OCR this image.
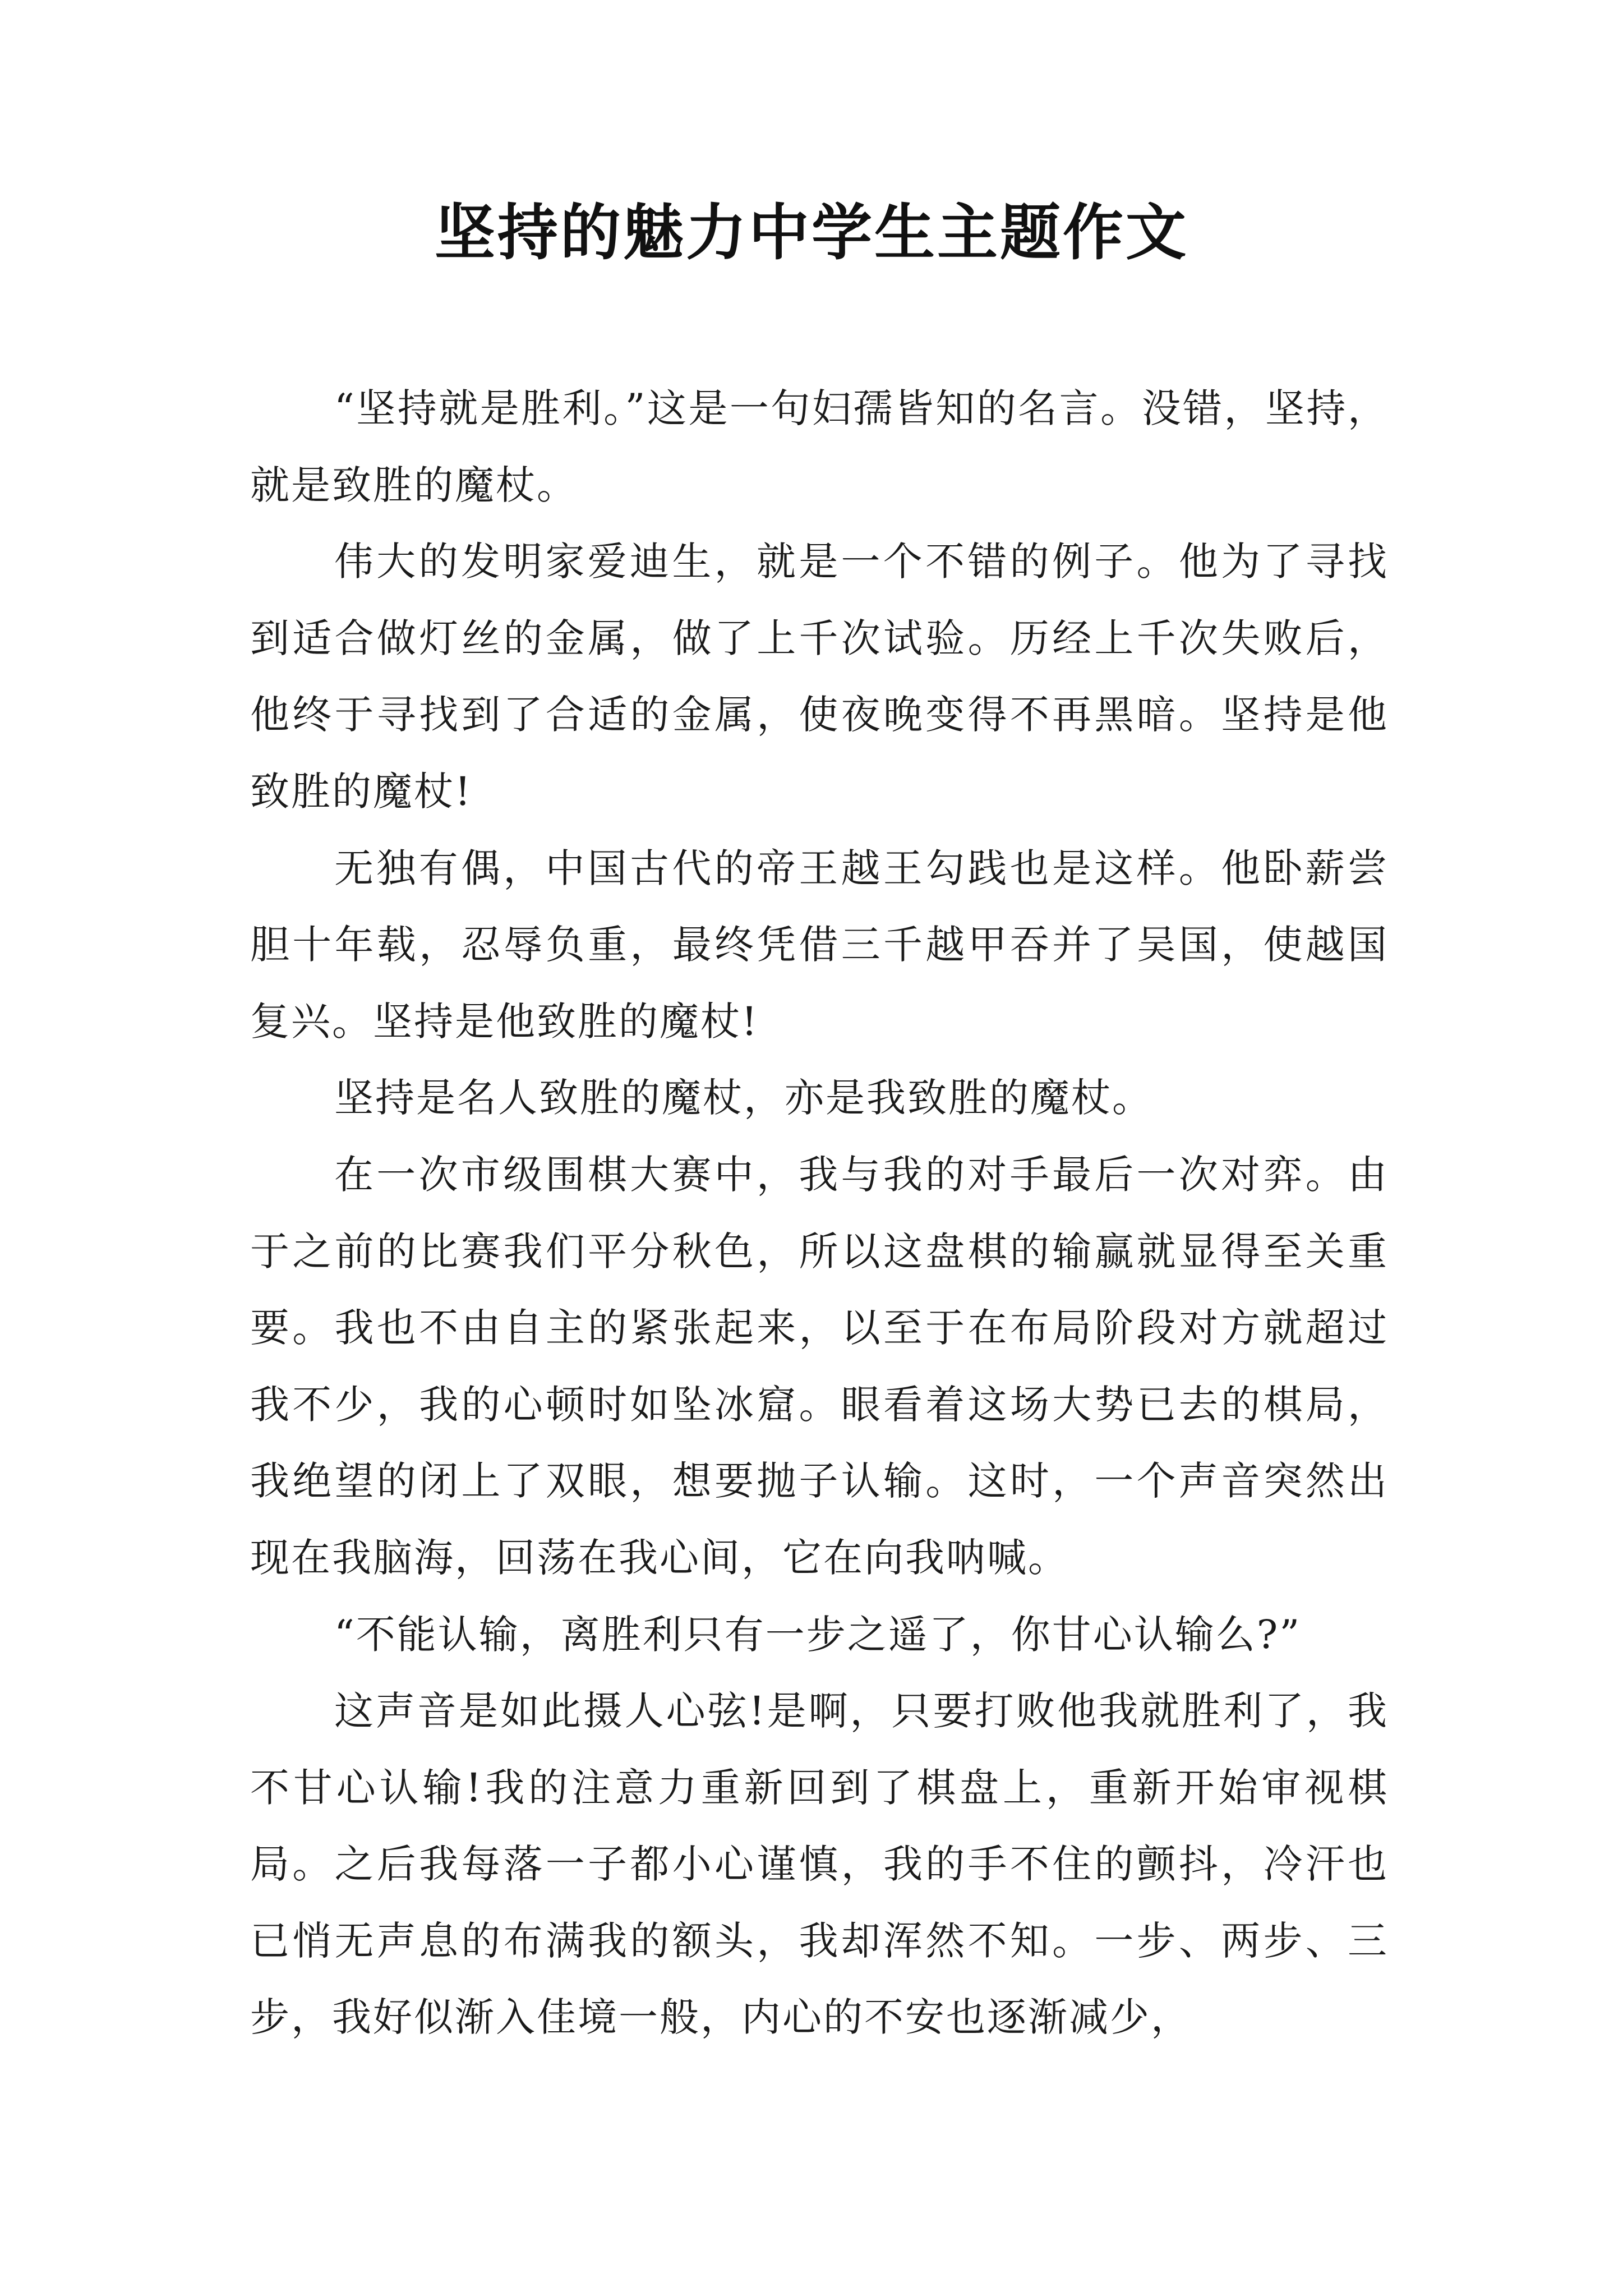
坚持的魅力中学生主题作文

“坚持就是胜利。”这是一句妇孺皆知的名言。没错，坚持，就是致胜的魔杖。

伟大的发明家爱迪生，就是一个不错的例子。他为了寻找到适合做灯丝的金属，做了上千次试验。历经上千次失败后，他终于寻找到了合适的金属，使夜晚变得不再黑暗。坚持是他致胜的魔杖!

无独有偶，中国古代的帝王越王勾践也是这样。他卧薪尝胆十年载，忍辱负重，最终凭借三千越甲吞并了吴国，使越国复兴。坚持是他致胜的魔杖!

坚持是名人致胜的魔杖，亦是我致胜的魔杖。

在一次市级围棋大赛中，我与我的对手最后一次对弈。由于之前的比赛我们平分秋色，所以这盘棋的输赢就显得至关重要。我也不由自主的紧张起来，以至于在布局阶段对方就超过我不少，我的心顿时如坠冰窟。眼看着这场大势已去的棋局，我绝望的闭上了双眼，想要抛子认输。这时，一个声音突然出现在我脑海，回荡在我心间，它在向我呐喊。

“不能认输，离胜利只有一步之遥了，你甘心认输么?”

这声音是如此摄人心弦!是啊，只要打败他我就胜利了，我不甘心认输!我的注意力重新回到了棋盘上，重新开始审视棋局。之后我每落一子都小心谨慎，我的手不住的颤抖，冷汗也已悄无声息的布满我的额头，我却浑然不知。一步、两步、三步，我好似渐入佳境一般，内心的不安也逐渐减少，
